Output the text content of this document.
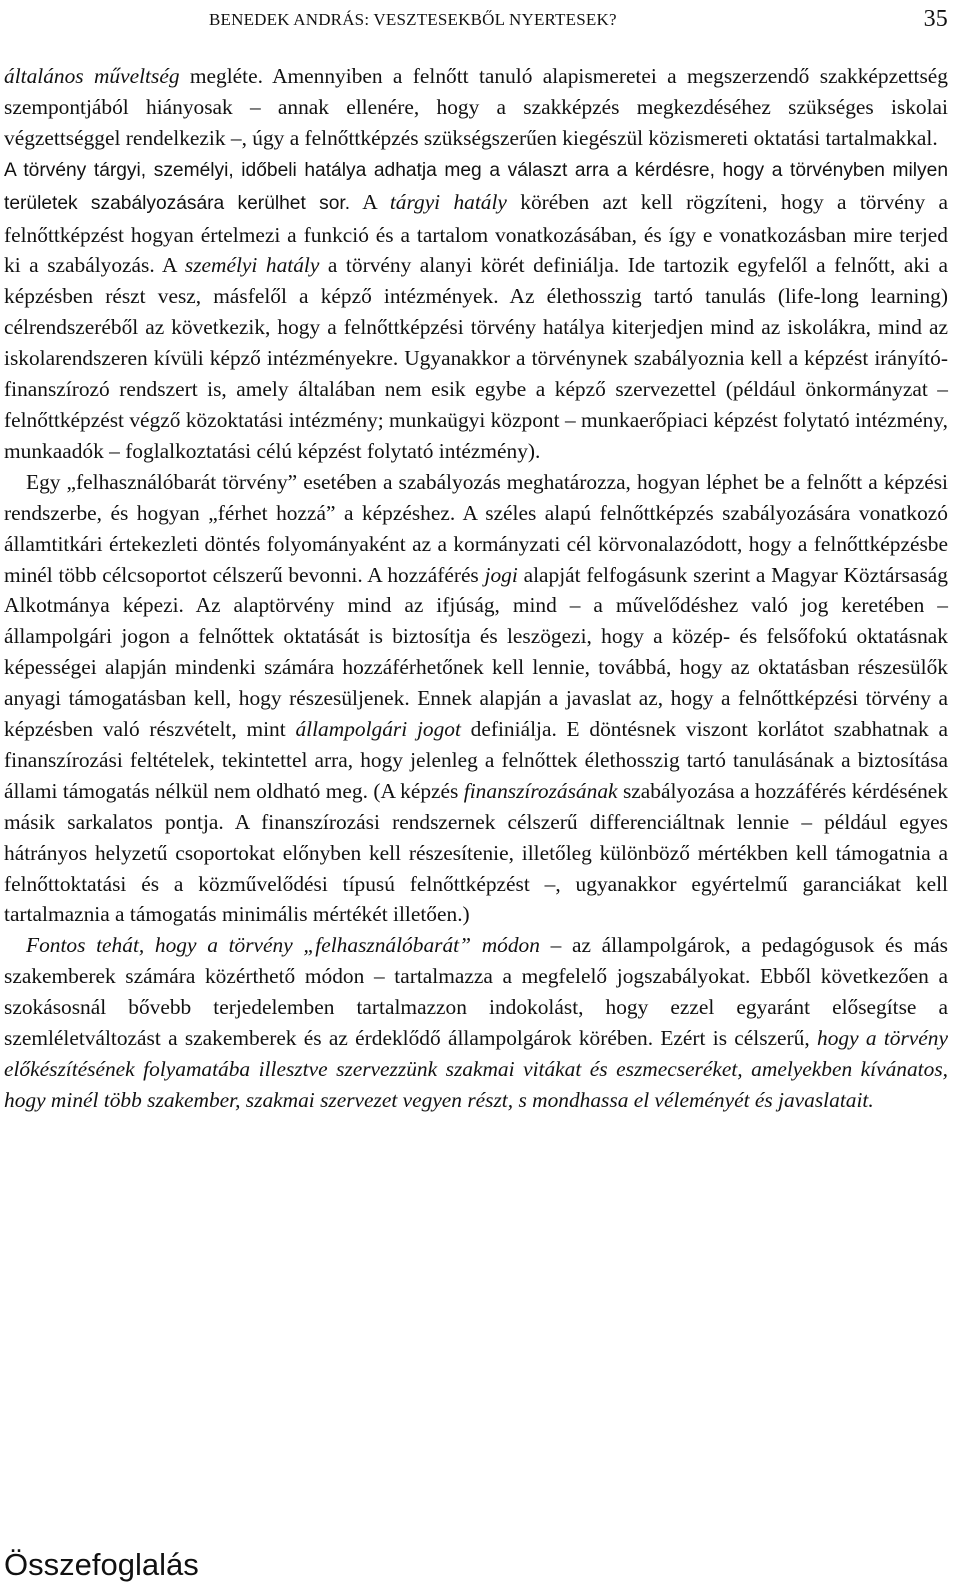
BENEDEK ANDRÁS: VESZTESEKBŐL NYERTESEK?	35

általános műveltség megléte. Amennyiben a felnőtt tanuló alapismeretei a megszerzendő szakképzettség szempontjából hiányosak – annak ellenére, hogy a szakképzés megkezdéséhez szükséges iskolai végzettséggel rendelkezik –, úgy a felnőttképzés szükségszerűen kiegészül közismereti oktatási tartalmakkal.

A törvény tárgyi, személyi, időbeli hatálya adhatja meg a választ arra a kérdésre, hogy a törvényben milyen területek szabályozására kerülhet sor. A tárgyi hatály körében azt kell rögzíteni, hogy a törvény a felnőttképzést hogyan értelmezi a funkció és a tartalom vonatkozásában, és így e vonatkozásban mire terjed ki a szabályozás. A személyi hatály a törvény alanyi körét definiálja. Ide tartozik egyfelől a felnőtt, aki a képzésben részt vesz, másfelől a képző intézmények. Az élethosszig tartó tanulás (life-long learning) célrendszeréből az következik, hogy a felnőttképzési törvény hatálya kiterjedjen mind az iskolákra, mind az iskolarendszeren kívüli képző intézményekre. Ugyanakkor a törvénynek szabályoznia kell a képzést irányító-finanszírozó rendszert is, amely általában nem esik egybe a képző szervezettel (például önkormányzat – felnőttképzést végző közoktatási intézmény; munkaügyi központ – munkaerőpiaci képzést folytató intézmény, munkaadók – foglalkoztatási célú képzést folytató intézmény).

Egy „felhasználóbarát törvény” esetében a szabályozás meghatározza, hogyan léphet be a felnőtt a képzési rendszerbe, és hogyan „férhet hozzá” a képzéshez. A széles alapú felnőttképzés szabályozására vonatkozó államtitkári értekezleti döntés folyományaként az a kormányzati cél körvonalazódott, hogy a felnőttképzésbe minél több célcsoportot célszerű bevonni. A hozzáférés jogi alapját felfogásunk szerint a Magyar Köztársaság Alkotmánya képezi. Az alaptörvény mind az ifjúság, mind – a művelődéshez való jog keretében – állampolgári jogon a felnőttek oktatását is biztosítja és leszögezi, hogy a közép- és felsőfokú oktatásnak képességei alapján mindenki számára hozzáférhetőnek kell lennie, továbbá, hogy az oktatásban részesülők anyagi támogatásban kell, hogy részesüljenek. Ennek alapján a javaslat az, hogy a felnőttképzési törvény a képzésben való részvételt, mint állampolgári jogot definiálja. E döntésnek viszont korlátot szabhatnak a finanszírozási feltételek, tekintettel arra, hogy jelenleg a felnőttek élethosszig tartó tanulásának a biztosítása állami támogatás nélkül nem oldható meg. (A képzés finanszírozásának szabályozása a hozzáférés kérdésének másik sarkalatos pontja. A finanszírozási rendszernek célszerű differenciáltnak lennie – például egyes hátrányos helyzetű csoportokat előnyben kell részesítenie, illetőleg különböző mértékben kell támogatnia a felnőttoktatási és a közművelődési típusú felnőttképzést –, ugyanakkor egyértelmű garanciákat kell tartalmaznia a támogatás minimális mértékét illetően.)

Fontos tehát, hogy a törvény „felhasználóbarát” módon – az állampolgárok, a pedagógusok és más szakemberek számára közérthető módon – tartalmazza a megfelelő jogszabályokat. Ebből következően a szokásosnál bővebb terjedelemben tartalmazzon indokolást, hogy ezzel egyaránt elősegítse a szemléletváltozást a szakemberek és az érdeklődő állampolgárok körében. Ezért is célszerű, hogy a törvény előkészítésének folyamatába illesztve szervezzünk szakmai vitákat és eszmecseréket, amelyekben kívánatos, hogy minél több szakember, szakmai szervezet vegyen részt, s mondhassa el véleményét és javaslatait.

Összefoglalás
